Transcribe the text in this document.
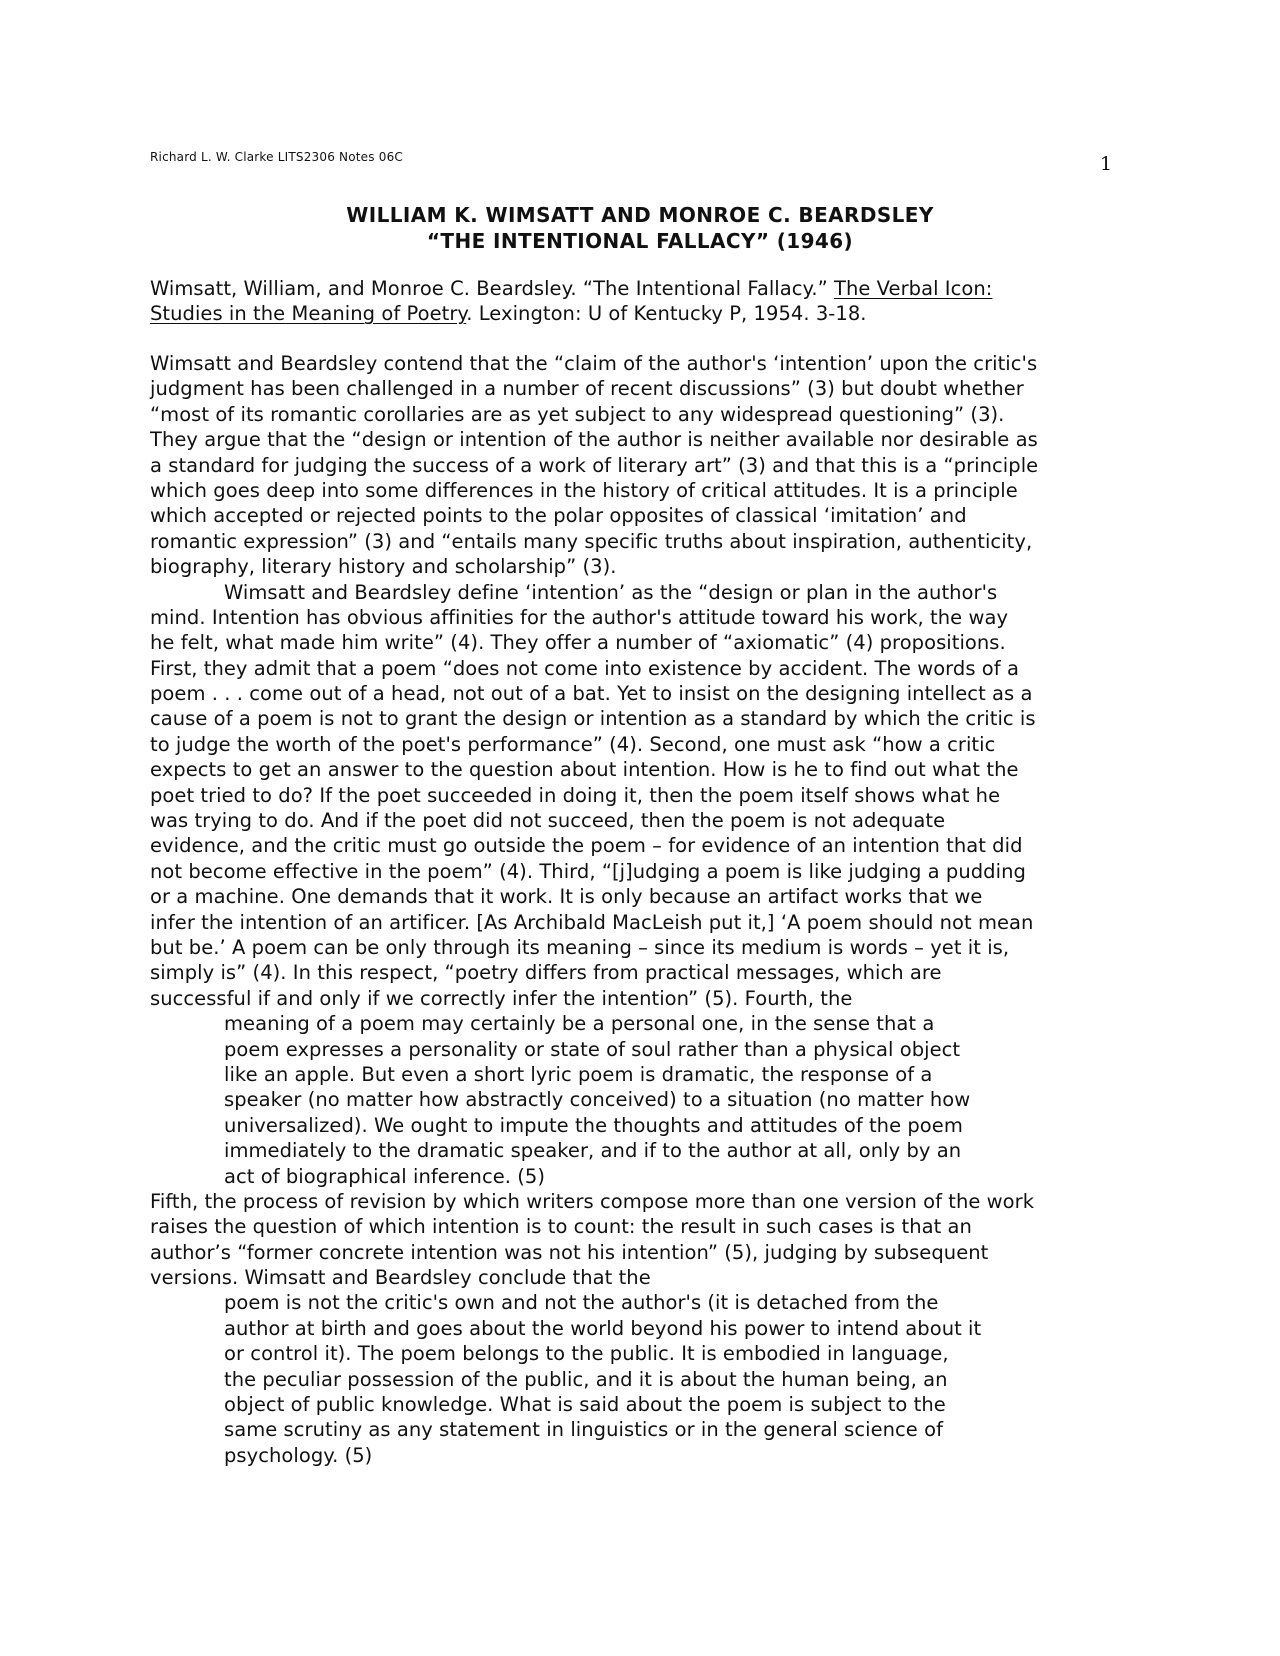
Richard L. W. Clarke LITS2306 Notes 06C	1
WILLIAM K. WIMSATT AND MONROE C. BEARDSLEY
“THE INTENTIONAL FALLACY” (1946)
Wimsatt, William, and Monroe C. Beardsley. “The Intentional Fallacy.” The Verbal Icon:
Studies in the Meaning of Poetry. Lexington: U of Kentucky P, 1954. 3-18.
Wimsatt and Beardsley contend that the “claim of the author's ‘intention’ upon the critic's
judgment has been challenged in a number of recent discussions” (3) but doubt whether
“most of its romantic corollaries are as yet subject to any widespread questioning” (3).
They argue that the “design or intention of the author is neither available nor desirable as
a standard for judging the success of a work of literary art” (3) and that this is a “principle
which goes deep into some differences in the history of critical attitudes. It is a principle
which accepted or rejected points to the polar opposites of classical ‘imitation’ and
romantic expression” (3) and “entails many specific truths about inspiration, authenticity,
biography, literary history and scholarship” (3).
Wimsatt and Beardsley define ‘intention’ as the “design or plan in the author's
mind. Intention has obvious affinities for the author's attitude toward his work, the way
he felt, what made him write” (4). They offer a number of “axiomatic” (4) propositions.
First, they admit that a poem “does not come into existence by accident. The words of a
poem . . . come out of a head, not out of a bat. Yet to insist on the designing intellect as a
cause of a poem is not to grant the design or intention as a standard by which the critic is
to judge the worth of the poet's performance” (4). Second, one must ask “how a critic
expects to get an answer to the question about intention. How is he to find out what the
poet tried to do? If the poet succeeded in doing it, then the poem itself shows what he
was trying to do. And if the poet did not succeed, then the poem is not adequate
evidence, and the critic must go outside the poem – for evidence of an intention that did
not become effective in the poem” (4). Third, “[j]udging a poem is like judging a pudding
or a machine. One demands that it work. It is only because an artifact works that we
infer the intention of an artificer. [As Archibald MacLeish put it,] ‘A poem should not mean
but be.’ A poem can be only through its meaning – since its medium is words – yet it is,
simply is” (4). In this respect, “poetry differs from practical messages, which are
successful if and only if we correctly infer the intention” (5). Fourth, the
meaning of a poem may certainly be a personal one, in the sense that a
poem expresses a personality or state of soul rather than a physical object
like an apple. But even a short lyric poem is dramatic, the response of a
speaker (no matter how abstractly conceived) to a situation (no matter how
universalized). We ought to impute the thoughts and attitudes of the poem
immediately to the dramatic speaker, and if to the author at all, only by an
act of biographical inference. (5)
Fifth, the process of revision by which writers compose more than one version of the work
raises the question of which intention is to count: the result in such cases is that an
author’s “former concrete intention was not his intention” (5), judging by subsequent
versions. Wimsatt and Beardsley conclude that the
poem is not the critic's own and not the author's (it is detached from the
author at birth and goes about the world beyond his power to intend about it
or control it). The poem belongs to the public. It is embodied in language,
the peculiar possession of the public, and it is about the human being, an
object of public knowledge. What is said about the poem is subject to the
same scrutiny as any statement in linguistics or in the general science of
psychology. (5)
